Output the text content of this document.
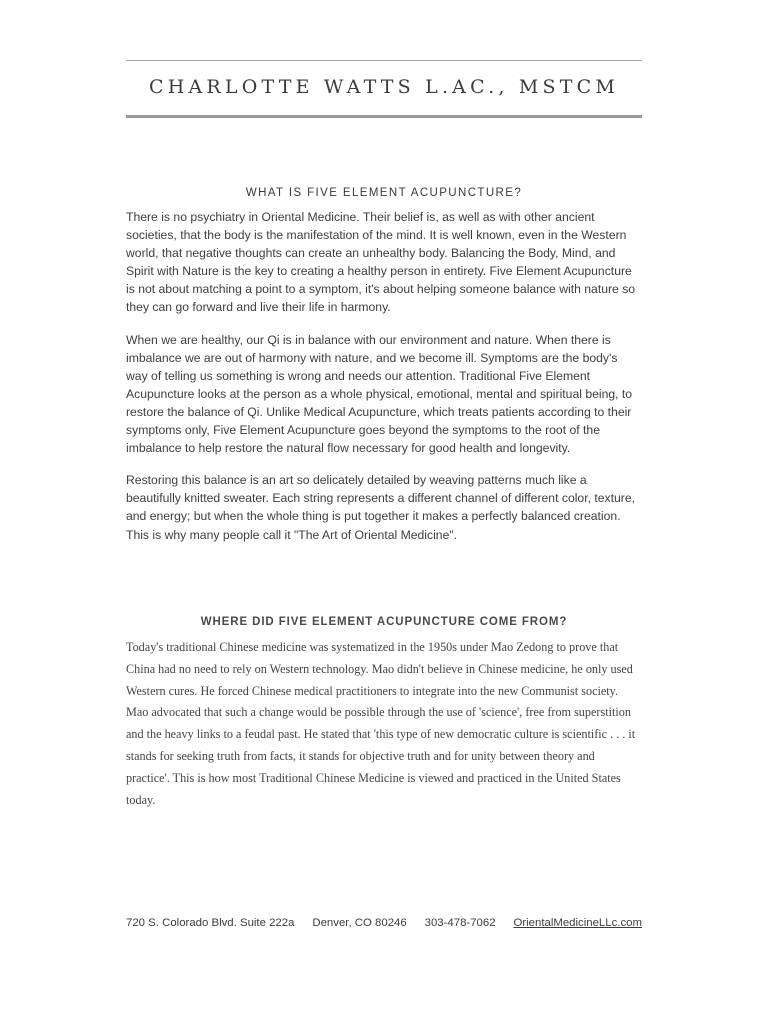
CHARLOTTE WATTS L.AC., MSTCM
WHAT IS FIVE ELEMENT ACUPUNCTURE?

There is no psychiatry in Oriental Medicine. Their belief is, as well as with other ancient societies, that the body is the manifestation of the mind. It is well known, even in the Western world, that negative thoughts can create an unhealthy body. Balancing the Body, Mind, and Spirit with Nature is the key to creating a healthy person in entirety. Five Element Acupuncture is not about matching a point to a symptom, it's about helping someone balance with nature so they can go forward and live their life in harmony.

When we are healthy, our Qi is in balance with our environment and nature. When there is imbalance we are out of harmony with nature, and we become ill. Symptoms are the body's way of telling us something is wrong and needs our attention. Traditional Five Element Acupuncture looks at the person as a whole physical, emotional, mental and spiritual being, to restore the balance of Qi. Unlike Medical Acupuncture, which treats patients according to their symptoms only, Five Element Acupuncture goes beyond the symptoms to the root of the imbalance to help restore the natural flow necessary for good health and longevity.

Restoring this balance is an art so delicately detailed by weaving patterns much like a beautifully knitted sweater. Each string represents a different channel of different color, texture, and energy; but when the whole thing is put together it makes a perfectly balanced creation. This is why many people call it "The Art of Oriental Medicine".

WHERE DID FIVE ELEMENT ACUPUNCTURE COME FROM?

Today's traditional Chinese medicine was systematized in the 1950s under Mao Zedong to prove that China had no need to rely on Western technology. Mao didn't believe in Chinese medicine, he only used Western cures. He forced Chinese medical practitioners to integrate into the new Communist society. Mao advocated that such a change would be possible through the use of 'science', free from superstition and the heavy links to a feudal past. He stated that 'this type of new democratic culture is scientific . . . it stands for seeking truth from facts, it stands for objective truth and for unity between theory and practice'. This is how most Traditional Chinese Medicine is viewed and practiced in the United States today.

720 S. Colorado Blvd. Suite 222a Denver, CO 80246 303-478-7062 OrientalMedicineLLc.com
